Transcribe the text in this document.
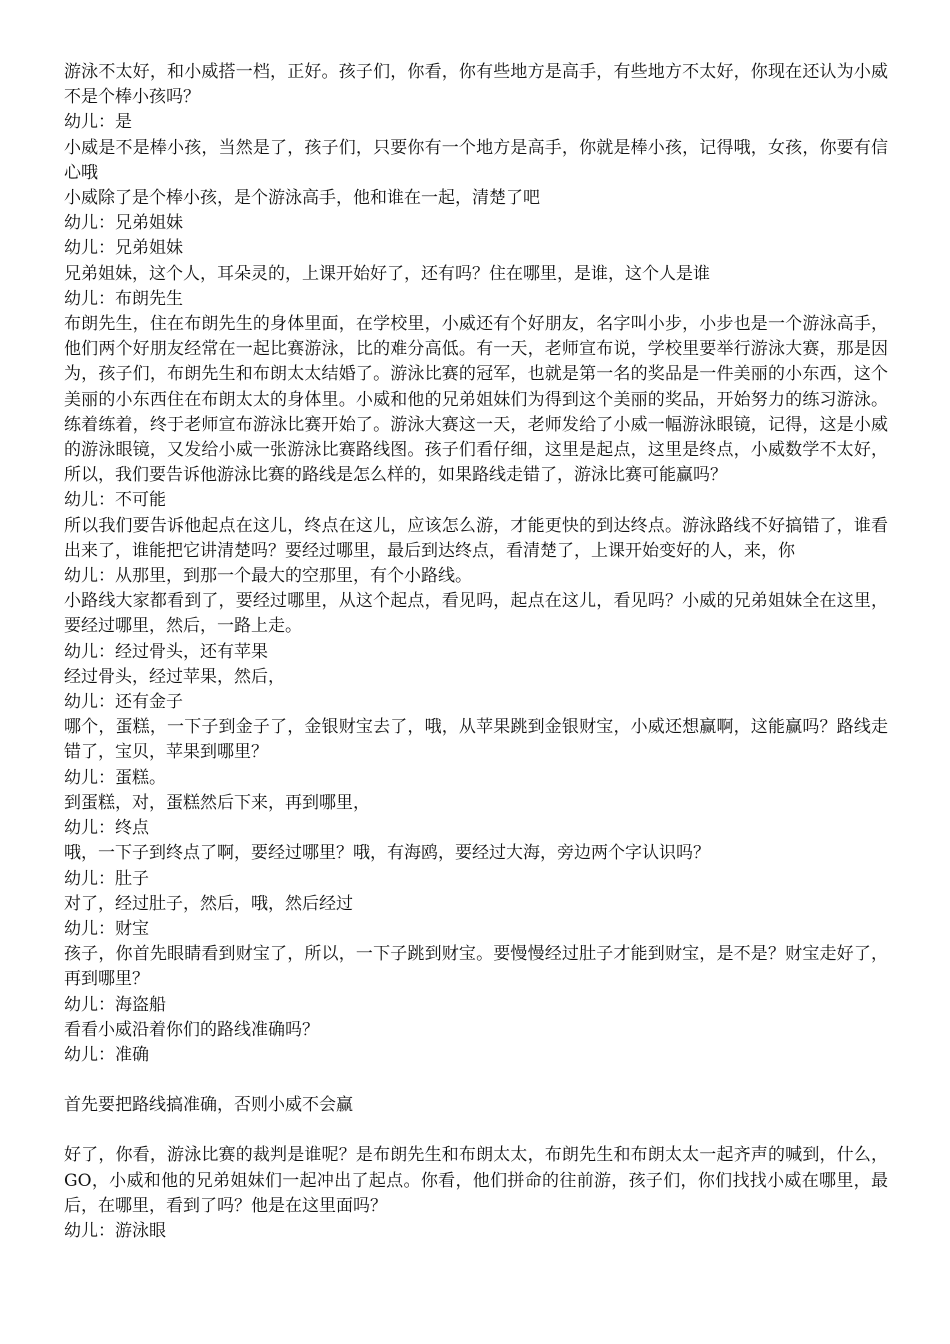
游泳不太好，和小威搭一档，正好。孩子们，你看，你有些地方是高手，有些地方不太好，你现在还认为小威不是个棒小孩吗？

幼儿：是

小威是不是棒小孩，当然是了，孩子们，只要你有一个地方是高手，你就是棒小孩，记得哦，女孩，你要有信心哦

小威除了是个棒小孩，是个游泳高手，他和谁在一起，清楚了吧

幼儿：兄弟姐妹

幼儿：兄弟姐妹

兄弟姐妹，这个人，耳朵灵的，上课开始好了，还有吗？住在哪里，是谁，这个人是谁

幼儿：布朗先生

布朗先生，住在布朗先生的身体里面，在学校里，小威还有个好朋友，名字叫小步，小步也是一个游泳高手，他们两个好朋友经常在一起比赛游泳，比的难分高低。有一天，老师宣布说，学校里要举行游泳大赛，那是因为，孩子们，布朗先生和布朗太太结婚了。游泳比赛的冠军，也就是第一名的奖品是一件美丽的小东西，这个美丽的小东西住在布朗太太的身体里。小威和他的兄弟姐妹们为得到这个美丽的奖品，开始努力的练习游泳。练着练着，终于老师宣布游泳比赛开始了。游泳大赛这一天，老师发给了小威一幅游泳眼镜，记得，这是小威的游泳眼镜，又发给小威一张游泳比赛路线图。孩子们看仔细，这里是起点，这里是终点，小威数学不太好，所以，我们要告诉他游泳比赛的路线是怎么样的，如果路线走错了，游泳比赛可能赢吗？

幼儿：不可能

所以我们要告诉他起点在这儿，终点在这儿，应该怎么游，才能更快的到达终点。游泳路线不好搞错了，谁看出来了，谁能把它讲清楚吗？要经过哪里，最后到达终点，看清楚了，上课开始变好的人，来，你

幼儿：从那里，到那一个最大的空那里，有个小路线。

小路线大家都看到了，要经过哪里，从这个起点，看见吗，起点在这儿，看见吗？小威的兄弟姐妹全在这里，要经过哪里，然后，一路上走。

幼儿：经过骨头，还有苹果

经过骨头，经过苹果，然后，

幼儿：还有金子

哪个，蛋糕，一下子到金子了，金银财宝去了，哦，从苹果跳到金银财宝，小威还想赢啊，这能赢吗？路线走错了，宝贝，苹果到哪里？

幼儿：蛋糕。

到蛋糕，对，蛋糕然后下来，再到哪里，

幼儿：终点

哦，一下子到终点了啊，要经过哪里？哦，有海鸥，要经过大海，旁边两个字认识吗？

幼儿：肚子

对了，经过肚子，然后，哦，然后经过

幼儿：财宝

孩子，你首先眼睛看到财宝了，所以，一下子跳到财宝。要慢慢经过肚子才能到财宝，是不是？财宝走好了，再到哪里？

幼儿：海盗船

看看小威沿着你们的路线准确吗？

幼儿：准确

首先要把路线搞准确，否则小威不会赢

好了，你看，游泳比赛的裁判是谁呢？是布朗先生和布朗太太，布朗先生和布朗太太一起齐声的喊到，什么，GO，小威和他的兄弟姐妹们一起冲出了起点。你看，他们拼命的往前游，孩子们，你们找找小威在哪里，最后，在哪里，看到了吗？他是在这里面吗？

幼儿：游泳眼
